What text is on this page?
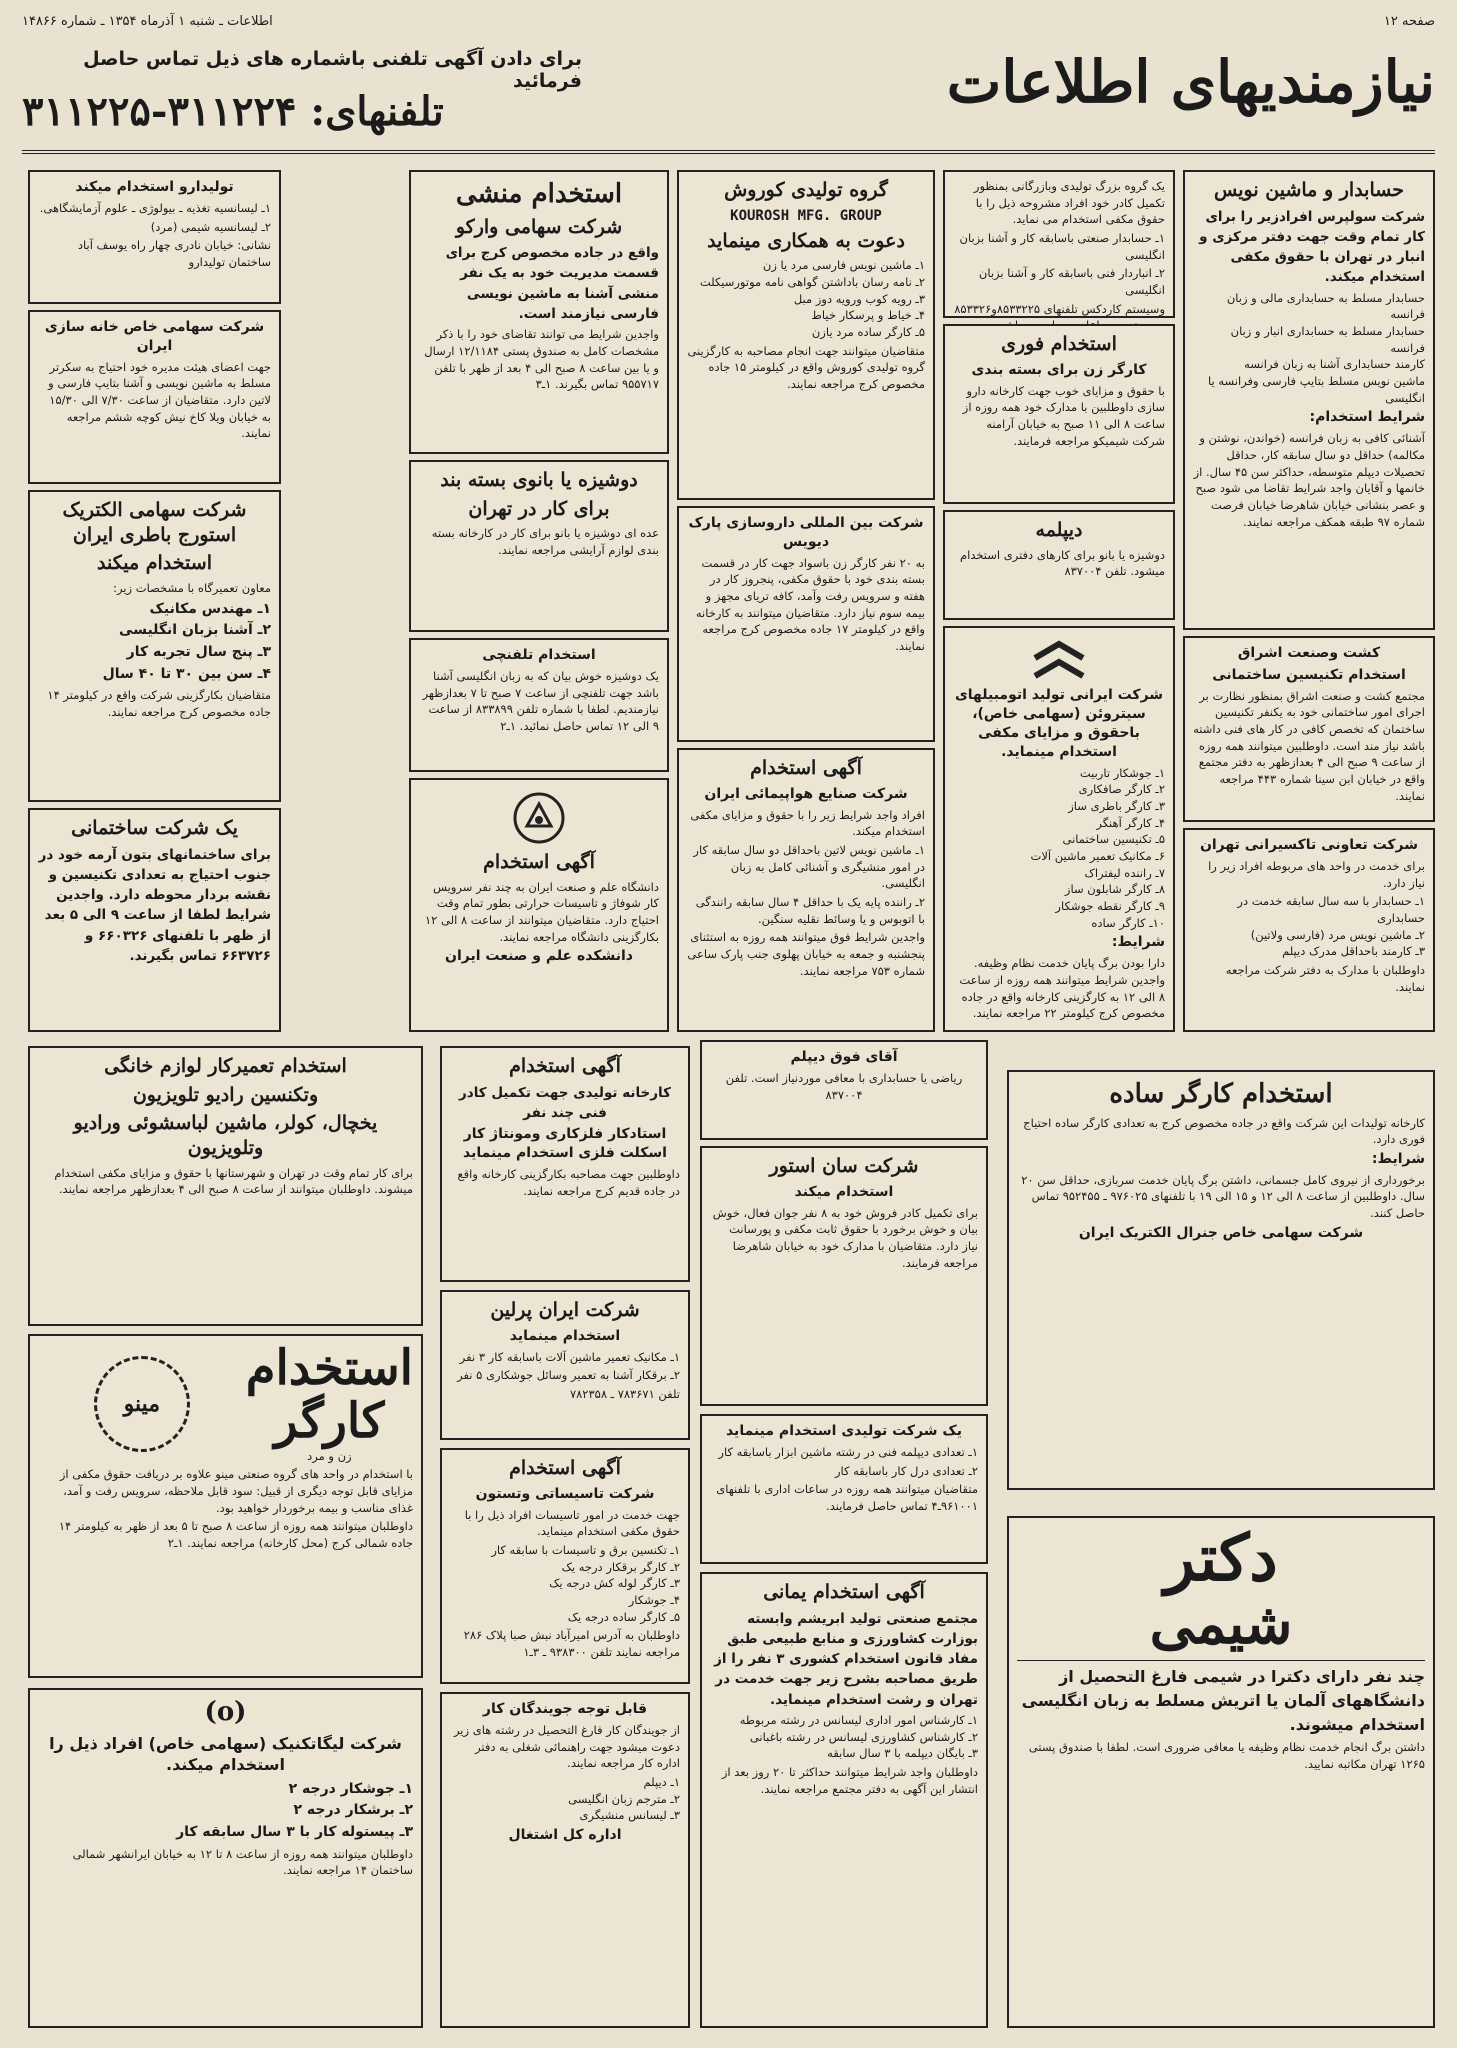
صفحه ۱۲
اطلاعات ـ شنبه ۱ آذرماه ۱۳۵۴ ـ شماره ۱۴۸۶۶
نیازمندیهای اطلاعات
برای دادن آگهی تلفنی باشماره های ذیل تماس حاصل فرمائید
تلفنهای: ۳۱۱۲۲۴-۳۱۱۲۲۵
حسابدار و ماشین نویس
شرکت سولپرس افرادزیر را برای کار تمام وقت جهت دفتر مرکزی و انبار در تهران با حقوق مکفی استخدام میکند.
حسابدار مسلط به حسابداری مالی و زبان فرانسه
حسابدار مسلط به حسابداری انبار و زبان فرانسه
کارمند حسابداری آشنا به زبان فرانسه
ماشین نویس مسلط بتایپ فارسی وفرانسه یا انگلیسی
شرایط استخدام:
آشنائی کافی به زبان فرانسه (خواندن، نوشتن و مکالمه) حداقل دو سال سابقه کار، حداقل تحصیلات دیپلم متوسطه، حداکثر سن ۴۵ سال. از خانمها و آقایان واجد شرایط تقاضا می شود صبح و عصر بنشانی خیابان شاهرضا خیابان فرصت شماره ۹۷ طبقه همکف مراجعه نمایند.
کشت وصنعت اشراق
استخدام تکنیسین ساختمانی
مجتمع کشت و صنعت اشراق بمنظور نظارت بر اجرای امور ساختمانی خود به یکنفر تکنیسین ساختمان که تخصص کافی در کار های فنی داشته باشد نیاز مند است. داوطلبین میتوانند همه روزه از ساعت ۹ صبح الی ۴ بعدازظهر به دفتر مجتمع واقع در خیابان ابن سینا شماره ۴۴۳ مراجعه نمایند.
شرکت تعاونی تاکسیرانی تهران
برای خدمت در واحد های مربوطه افراد زیر را نیاز دارد.
۱ـ حسابدار با سه سال سابقه خدمت در حسابداری
۲ـ ماشین نویس مرد (فارسی ولاتین)
۳ـ کارمند باحداقل مدرک دیپلم
داوطلبان با مدارک به دفتر شرکت مراجعه نمایند.
یک گروه بزرگ تولیدی وبازرگانی بمنظور تکمیل کادر خود افراد مشروحه ذیل را با حقوق مکفی استخدام می نماید.
۱ـ حسابدار صنعتی باسابقه کار و آشنا بزبان انگلیسی
۲ـ انباردار فنی باسابقه کار و آشنا بزبان انگلیسی
وسیستم کاردکس تلفنهای ۸۵۳۳۲۲۵و۸۵۳۳۲۶
استخدام فوری
کارگر زن برای بسته بندی
با حقوق و مزایای خوب جهت کارخانه دارو سازی داوطلبین با مدارک خود همه روزه از ساعت ۸ الی ۱۱ صبح به خیابان آرامنه شرکت شیمیکو مراجعه فرمایند.
دیپلمه
دوشیزه یا بانو برای کارهای دفتری استخدام میشود. تلفن ۸۳۷۰۰۴
شرکت ایرانی تولید اتومبیلهای سیتروئن (سهامی خاص)، باحقوق و مزایای مکفی استخدام مینماید.
۱ـ جوشکار تاربیت
۲ـ کارگر صافکاری
۳ـ کارگر باطری ساز
۴ـ کارگر آهنگر
۵ـ تکنیسین ساختمانی
۶ـ مکانیک تعمیر ماشین آلات
۷ـ راننده لیفتراک
۸ـ کارگر شابلون ساز
۹ـ کارگر نقطه جوشکار
۱۰ـ کارگر ساده
شرایط:
دارا بودن برگ پایان خدمت نظام وظیفه. واجدین شرایط میتوانند همه روزه از ساعت ۸ الی ۱۲ به کارگزینی کارخانه واقع در جاده مخصوص کرج کیلومتر ۲۲ مراجعه نمایند.
گروه تولیدی کوروش
KOUROSH MFG. GROUP
دعوت به همکاری مینماید
۱ـ ماشین نویس فارسی مرد یا زن
۲ـ نامه رسان باداشتن گواهی نامه موتورسیکلت
۳ـ رویه کوب ورویه دوز مبل
۴ـ خیاط و پرسکار خیاط
۵ـ کارگر ساده مرد یازن
متقاضیان میتوانند جهت انجام مصاحبه به کارگزینی گروه تولیدی کوروش واقع در کیلومتر ۱۵ جاده مخصوص کرج مراجعه نمایند.
شرکت بین المللی داروسازی پارک دیویس
به ۲۰ نفر کارگر زن باسواد جهت کار در قسمت بسته بندی خود با حقوق مکفی، پنجروز کار در هفته و سرویس رفت وآمد، کافه تریای مجهز و بیمه سوم نیاز دارد. متقاضیان میتوانند به کارخانه واقع در کیلومتر ۱۷ جاده مخصوص کرج مراجعه نمایند.
آگهی استخدام
شرکت صنایع هواپیمائی ایران
افراد واجد شرایط زیر را با حقوق و مزایای مکفی استخدام میکند.
۱ـ ماشین نویس لاتین باحداقل دو سال سابقه کار در امور منشیگری و آشنائی کامل به زبان انگلیسی.
۲ـ راننده پایه یک با حداقل ۴ سال سابقه رانندگی با اتوبوس و یا وسائط نقلیه سنگین.
واجدین شرایط فوق میتوانند همه روزه به استثنای پنجشنبه و جمعه به خیابان پهلوی جنب پارک ساعی شماره ۷۵۳ مراجعه نمایند.
استخدام منشی
شرکت سهامی وارکو
واقع در جاده مخصوص کرج برای قسمت مدیریت خود به یک نفر منشی آشنا به ماشین نویسی فارسی نیازمند است.
واجدین شرایط می توانند تقاضای خود را با ذکر مشخصات کامل به صندوق پستی ۱۲/۱۱۸۴ ارسال و یا بین ساعت ۸ صبح الی ۴ بعد از ظهر با تلفن ۹۵۵۷۱۷ تماس بگیرند. ۱ـ۳
دوشیزه یا بانوی بسته بند
برای کار در تهران
عده ای دوشیزه یا بانو برای کار در کارخانه بسته بندی لوازم آرایشی مراجعه نمایند.
استخدام تلفنچی
یک دوشیزه خوش بیان که به زبان انگلیسی آشنا باشد جهت تلفنچی از ساعت ۷ صبح تا ۷ بعدازظهر نیازمندیم. لطفا با شماره تلفن ۸۳۳۸۹۹ از ساعت ۹ الی ۱۲ تماس حاصل نمائید. ۱ـ۲
آگهی استخدام
دانشگاه علم و صنعت ایران به چند نفر سرویس کار شوفاژ و تاسیسات حرارتی بطور تمام وقت احتیاج دارد. متقاضیان میتوانند از ساعت ۸ الی ۱۲ بکارگزینی دانشگاه مراجعه نمایند.
دانشکده علم و صنعت ایران
تولیدارو استخدام میکند
۱ـ لیسانسیه تغذیه ـ بیولوژی ـ علوم آزمایشگاهی.
۲ـ لیسانسیه شیمی (مرد)
نشانی: خیابان نادری چهار راه یوسف آباد ساختمان تولیدارو
شرکت سهامی خاص خانه سازی ایران
جهت اعضای هیئت مدیره خود احتیاج به سکرتر مسلط به ماشین نویسی و آشنا بتایپ فارسی و لاتین دارد. متقاضیان از ساعت ۷/۳۰ الی ۱۵/۳۰ به خیابان ویلا کاخ نیش کوچه ششم مراجعه نمایند.
شرکت سهامی الکتریک استورج باطری ایران
استخدام میکند
معاون تعمیرگاه با مشخصات زیر:
۱ـ مهندس مکانیک
۲ـ آشنا بزبان انگلیسی
۳ـ پنج سال تجربه کار
۴ـ سن بین ۳۰ تا ۴۰ سال
متقاضیان بکارگزینی شرکت واقع در کیلومتر ۱۴ جاده مخصوص کرج مراجعه نمایند.
یک شرکت ساختمانی
برای ساختمانهای بتون آرمه خود در جنوب احتیاج به تعدادی تکنیسین و نقشه بردار محوطه دارد. واجدین شرایط لطفا از ساعت ۹ الی ۵ بعد از ظهر با تلفنهای ۶۶۰۳۲۶ و ۶۶۳۷۲۶ تماس بگیرند.
استخدام تعمیرکار لوازم خانگی
وتکنسین رادیو تلویزیون
یخچال، کولر، ماشین لباسشوئی ورادیو وتلویزیون
برای کار تمام وقت در تهران و شهرستانها با حقوق و مزایای مکفی استخدام میشوند. داوطلبان میتوانند از ساعت ۸ صبح الی ۴ بعدازظهر مراجعه نمایند.
استخدام
کارگر
زن و مرد
مینو
با استخدام در واحد های گروه صنعتی مینو علاوه بر دریافت حقوق مکفی از مزایای قابل توجه دیگری از قبیل: سود قابل ملاحظه، سرویس رفت و آمد، غذای مناسب و بیمه برخوردار خواهید بود.
داوطلبان میتوانند همه روزه از ساعت ۸ صبح تا ۵ بعد از ظهر به کیلومتر ۱۴ جاده شمالی کرج (محل کارخانه) مراجعه نمایند. ۱ـ۲
(o)
شرکت لیگاتکنیک (سهامی خاص) افراد ذیل را استخدام میکند.
۱ـ جوشکار درجه ۲
۲ـ برشکار درجه ۲
۳ـ پیستوله کار با ۳ سال سابقه کار
داوطلبان میتوانند همه روزه از ساعت ۸ تا ۱۲ به خیابان ایرانشهر شمالی ساختمان ۱۴ مراجعه نمایند.
آگهی استخدام
کارخانه تولیدی جهت تکمیل کادر فنی چند نفر
استادکار فلزکاری ومونتاژ کار اسکلت فلزی استخدام مینماید
داوطلبین جهت مصاحبه بکارگزینی کارخانه واقع در جاده قدیم کرج مراجعه نمایند.
شرکت ایران پرلین
استخدام مینماید
۱ـ مکانیک تعمیر ماشین آلات باسابقه کار ۳ نفر
۲ـ برقکار آشنا به تعمیر وسائل جوشکاری ۵ نفر
تلفن ۷۸۳۶۷۱ ـ ۷۸۲۳۵۸
آگهی استخدام
شرکت تاسیساتی وتستون
جهت خدمت در امور تاسیسات افراد ذیل را با حقوق مکفی استخدام مینماید.
۱ـ تکنسین برق و تاسیسات با سابقه کار
۲ـ کارگر برقکار درجه یک
۳ـ کارگر لوله کش درجه یک
۴ـ جوشکار
۵ـ کارگر ساده درجه یک
داوطلبان به آدرس امیرآباد نبش صبا پلاک ۲۸۶ مراجعه نمایند تلفن ۹۳۸۳۰۰ ـ ۳ـ۱
قابل توجه جویندگان کار
از جویندگان کار فارغ التحصیل در رشته های زیر دعوت میشود جهت راهنمائی شغلی به دفتر اداره کار مراجعه نمایند.
۱ـ دیپلم
۲ـ مترجم زبان انگلیسی
۳ـ لیسانس منشیگری
اداره کل اشتغال
آقای فوق دیپلم
ریاضی یا حسابداری با معافی موردنیاز است. تلفن ۸۳۷۰۰۴
شرکت سان استور
استخدام میکند
برای تکمیل کادر فروش خود به ۸ نفر جوان فعال، خوش بیان و خوش برخورد با حقوق ثابت مکفی و پورسانت نیاز دارد. متقاضیان با مدارک خود به خیابان شاهرضا مراجعه فرمایند.
یک شرکت تولیدی استخدام مینماید
۱ـ تعدادی دیپلمه فنی در رشته ماشین ابزار باسابقه کار
۲ـ تعدادی درل کار باسابقه کار
متقاضیان میتوانند همه روزه در ساعات اداری با تلفنهای ۹۶۱۰۰۱ـ۴ تماس حاصل فرمایند.
آگهی استخدام یمانی
مجتمع صنعتی تولید ابریشم وابسته بوزارت کشاورزی و منابع طبیعی طبق مفاد قانون استخدام کشوری ۳ نفر را از طریق مصاحبه بشرح زیر جهت خدمت در تهران و رشت استخدام مینماید.
۱ـ کارشناس امور اداری لیسانس در رشته مربوطه
۲ـ کارشناس کشاورزی لیسانس در رشته باغبانی
۳ـ بایگان دیپلمه با ۳ سال سابقه
داوطلبان واجد شرایط میتوانند حداکثر تا ۲۰ روز بعد از انتشار این آگهی به دفتر مجتمع مراجعه نمایند.
استخدام کارگر ساده
کارخانه تولیدات این شرکت واقع در جاده مخصوص کرج به تعدادی کارگر ساده احتیاج فوری دارد.
شرایط:
برخورداری از نیروی کامل جسمانی، داشتن برگ پایان خدمت سربازی، حداقل سن ۲۰ سال. داوطلبین از ساعت ۸ الی ۱۲ و ۱۵ الی ۱۹ با تلفنهای ۹۷۶۰۲۵ ـ ۹۵۲۴۵۵ تماس حاصل کنند.
شرکت سهامی خاص جنرال الکتریک ایران
دکتر
شیمی
چند نفر دارای دکترا در شیمی فارغ التحصیل از دانشگاههای آلمان یا اتریش مسلط به زبان انگلیسی استخدام میشوند.
داشتن برگ انجام خدمت نظام وظیفه یا معافی ضروری است. لطفا با صندوق پستی ۱۲۶۵ تهران مکاتبه نمایید.
